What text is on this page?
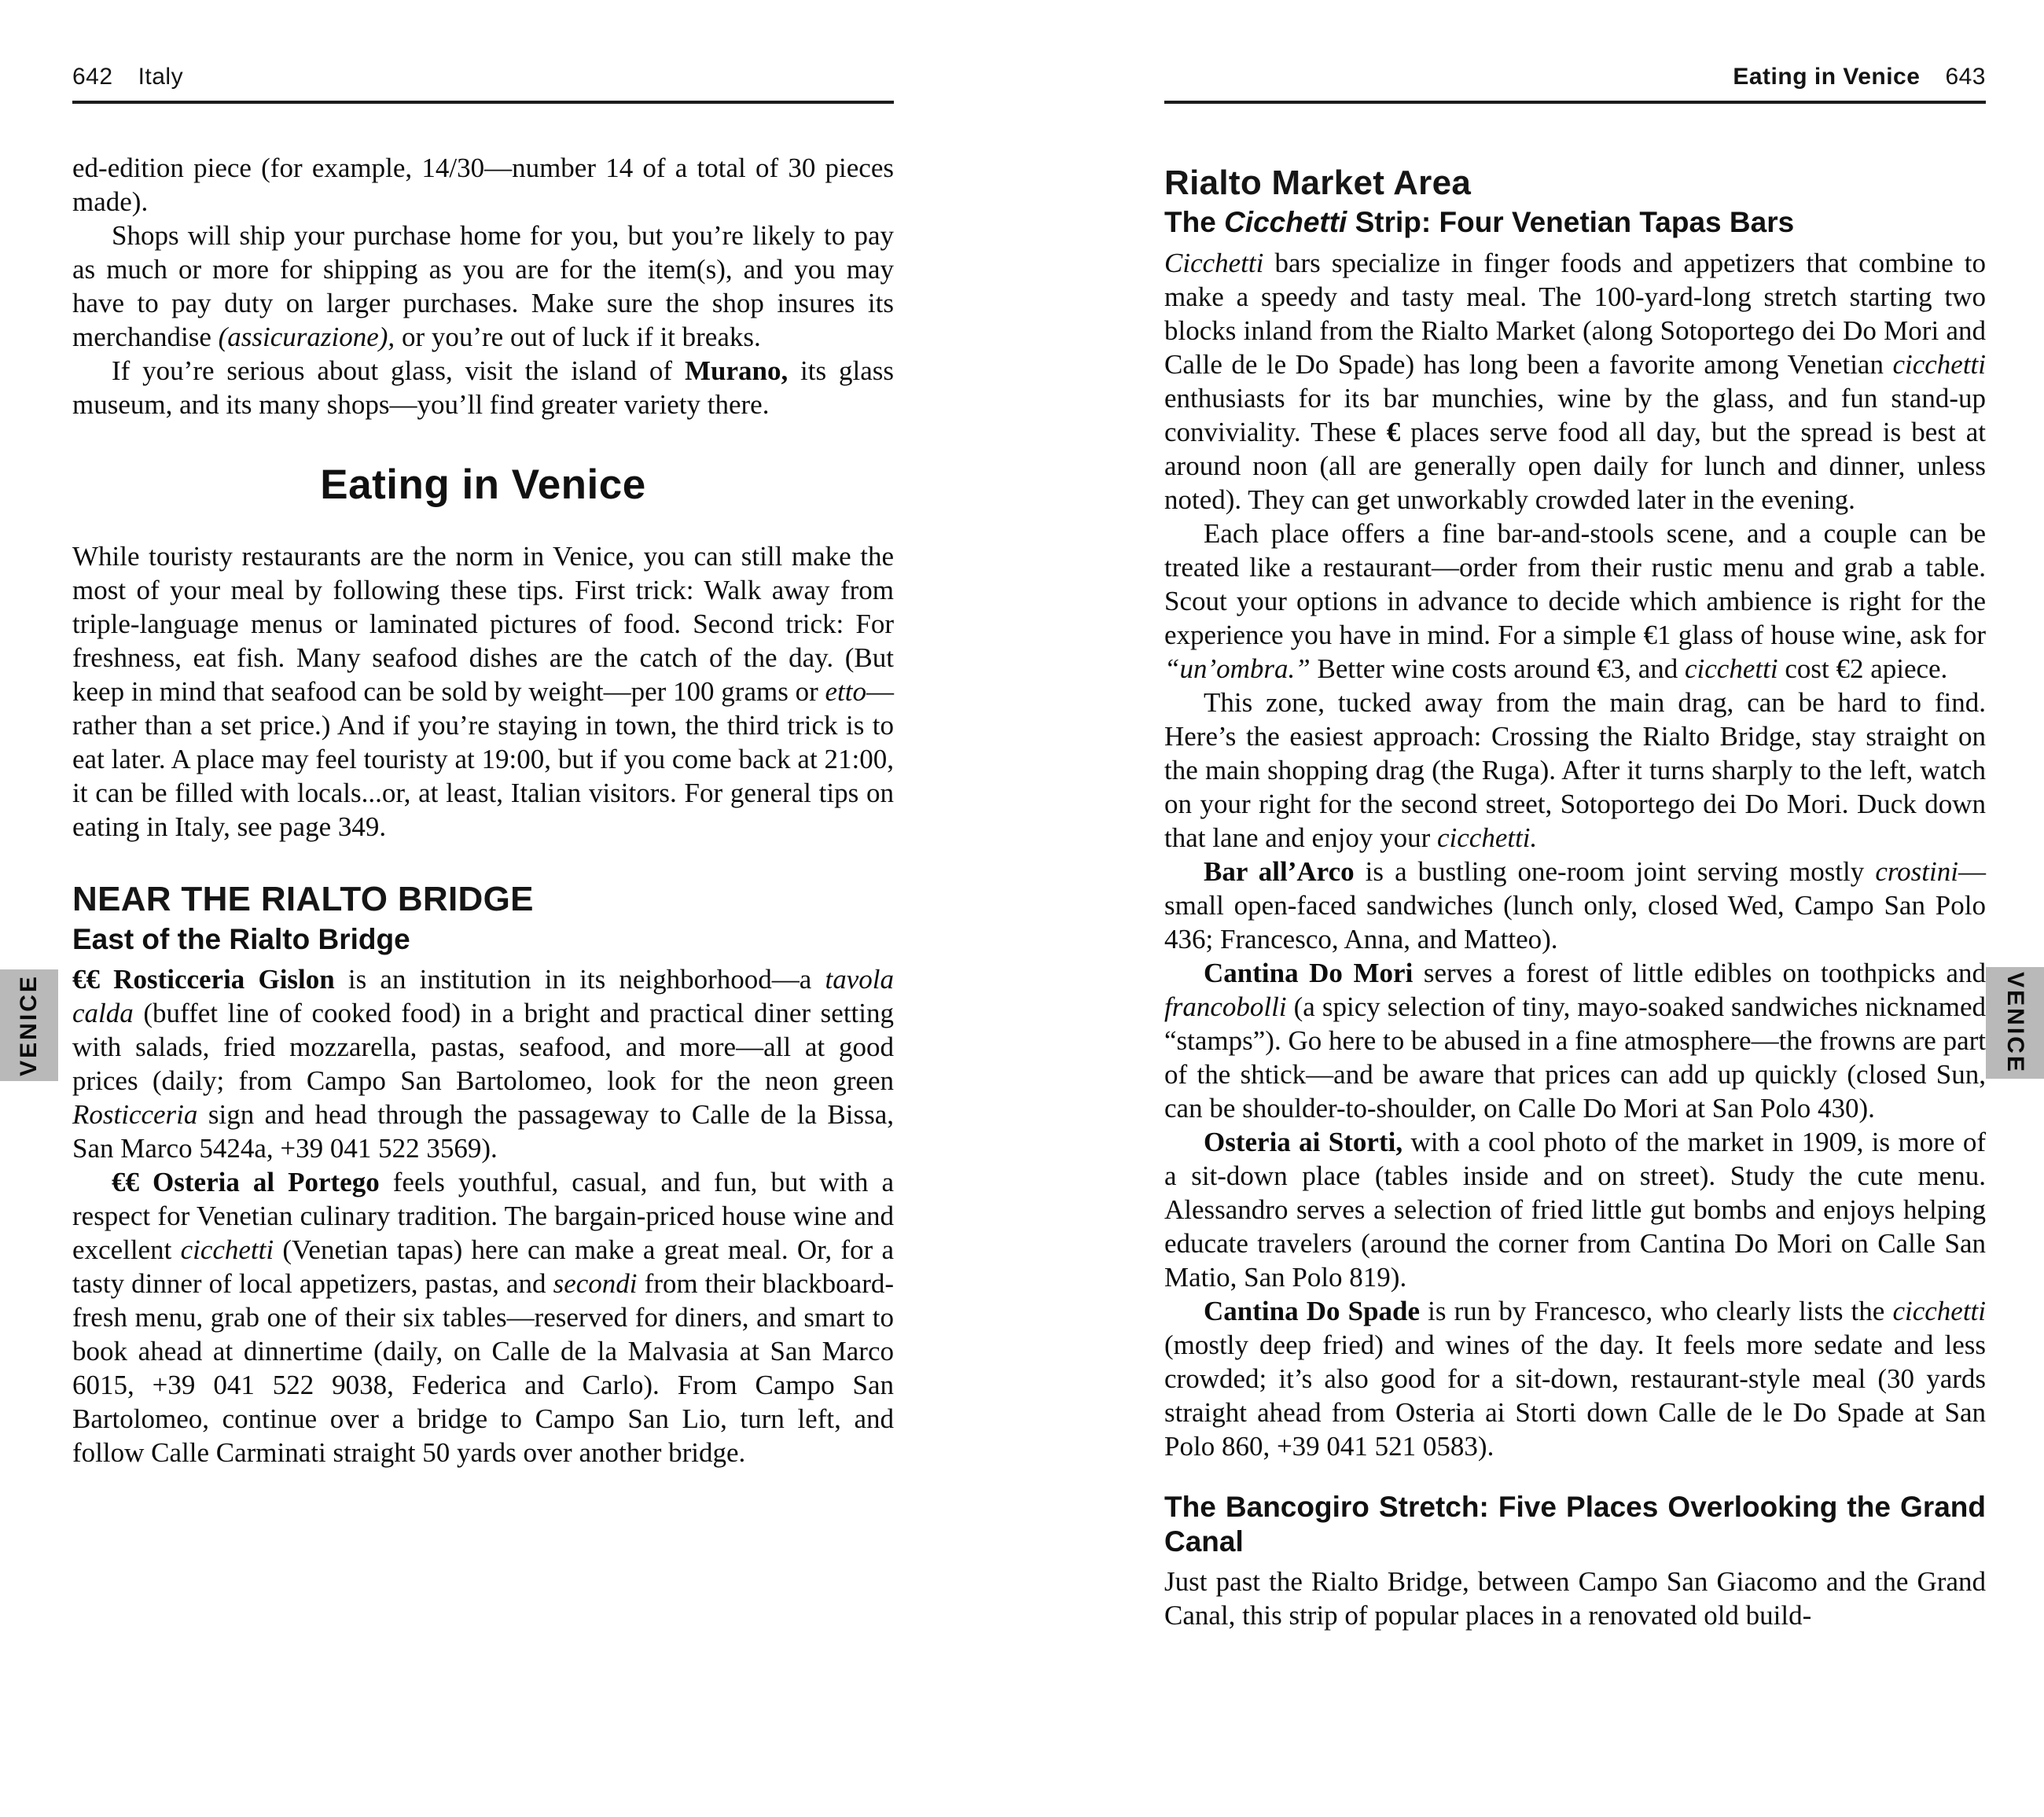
642 Italy

ed-edition piece (for example, 14/30—number 14 of a total of 30 pieces made).

Shops will ship your purchase home for you, but you’re likely to pay as much or more for shipping as you are for the item(s), and you may have to pay duty on larger purchases. Make sure the shop insures its merchandise (assicurazione), or you’re out of luck if it breaks.

If you’re serious about glass, visit the island of Murano, its glass museum, and its many shops—you’ll find greater variety there.

Eating in Venice

While touristy restaurants are the norm in Venice, you can still make the most of your meal by following these tips. First trick: Walk away from triple-language menus or laminated pictures of food. Second trick: For freshness, eat fish. Many seafood dishes are the catch of the day. (But keep in mind that seafood can be sold by weight—per 100 grams or etto—rather than a set price.) And if you’re staying in town, the third trick is to eat later. A place may feel touristy at 19:00, but if you come back at 21:00, it can be filled with locals...or, at least, Italian visitors. For general tips on eating in Italy, see page 349.

NEAR THE RIALTO BRIDGE
East of the Rialto Bridge

€€ Rosticceria Gislon is an institution in its neighborhood—a tavola calda (buffet line of cooked food) in a bright and practical diner setting with salads, fried mozzarella, pastas, seafood, and more—all at good prices (daily; from Campo San Bartolomeo, look for the neon green Rosticceria sign and head through the passageway to Calle de la Bissa, San Marco 5424a, +39 041 522 3569).

€€ Osteria al Portego feels youthful, casual, and fun, but with a respect for Venetian culinary tradition. The bargain-priced house wine and excellent cicchetti (Venetian tapas) here can make a great meal. Or, for a tasty dinner of local appetizers, pastas, and secondi from their blackboard-fresh menu, grab one of their six tables—reserved for diners, and smart to book ahead at dinnertime (daily, on Calle de la Malvasia at San Marco 6015, +39 041 522 9038, Federica and Carlo). From Campo San Bartolomeo, continue over a bridge to Campo San Lio, turn left, and follow Calle Carminati straight 50 yards over another bridge.

Eating in Venice 643
Rialto Market Area
The Cicchetti Strip: Four Venetian Tapas Bars

Cicchetti bars specialize in finger foods and appetizers that combine to make a speedy and tasty meal. The 100-yard-long stretch starting two blocks inland from the Rialto Market (along Sotoportego dei Do Mori and Calle de le Do Spade) has long been a favorite among Venetian cicchetti enthusiasts for its bar munchies, wine by the glass, and fun stand-up conviviality. These € places serve food all day, but the spread is best at around noon (all are generally open daily for lunch and dinner, unless noted). They can get unworkably crowded later in the evening.

Each place offers a fine bar-and-stools scene, and a couple can be treated like a restaurant—order from their rustic menu and grab a table. Scout your options in advance to decide which ambience is right for the experience you have in mind. For a simple €1 glass of house wine, ask for “un’ombra.” Better wine costs around €3, and cicchetti cost €2 apiece.

This zone, tucked away from the main drag, can be hard to find. Here’s the easiest approach: Crossing the Rialto Bridge, stay straight on the main shopping drag (the Ruga). After it turns sharply to the left, watch on your right for the second street, Sotoportego dei Do Mori. Duck down that lane and enjoy your cicchetti.

Bar all’Arco is a bustling one-room joint serving mostly crostini—small open-faced sandwiches (lunch only, closed Wed, Campo San Polo 436; Francesco, Anna, and Matteo).

Cantina Do Mori serves a forest of little edibles on toothpicks and francobolli (a spicy selection of tiny, mayo-soaked sandwiches nicknamed “stamps”). Go here to be abused in a fine atmosphere—the frowns are part of the shtick—and be aware that prices can add up quickly (closed Sun, can be shoulder-to-shoulder, on Calle Do Mori at San Polo 430).

Osteria ai Storti, with a cool photo of the market in 1909, is more of a sit-down place (tables inside and on street). Study the cute menu. Alessandro serves a selection of fried little gut bombs and enjoys helping educate travelers (around the corner from Cantina Do Mori on Calle San Matio, San Polo 819).

Cantina Do Spade is run by Francesco, who clearly lists the cicchetti (mostly deep fried) and wines of the day. It feels more sedate and less crowded; it’s also good for a sit-down, restaurant-style meal (30 yards straight ahead from Osteria ai Storti down Calle de le Do Spade at San Polo 860, +39 041 521 0583).

The Bancogiro Stretch: Five Places Overlooking the Grand Canal

Just past the Rialto Bridge, between Campo San Giacomo and the Grand Canal, this strip of popular places in a renovated old build-

VENICE	VENICE
